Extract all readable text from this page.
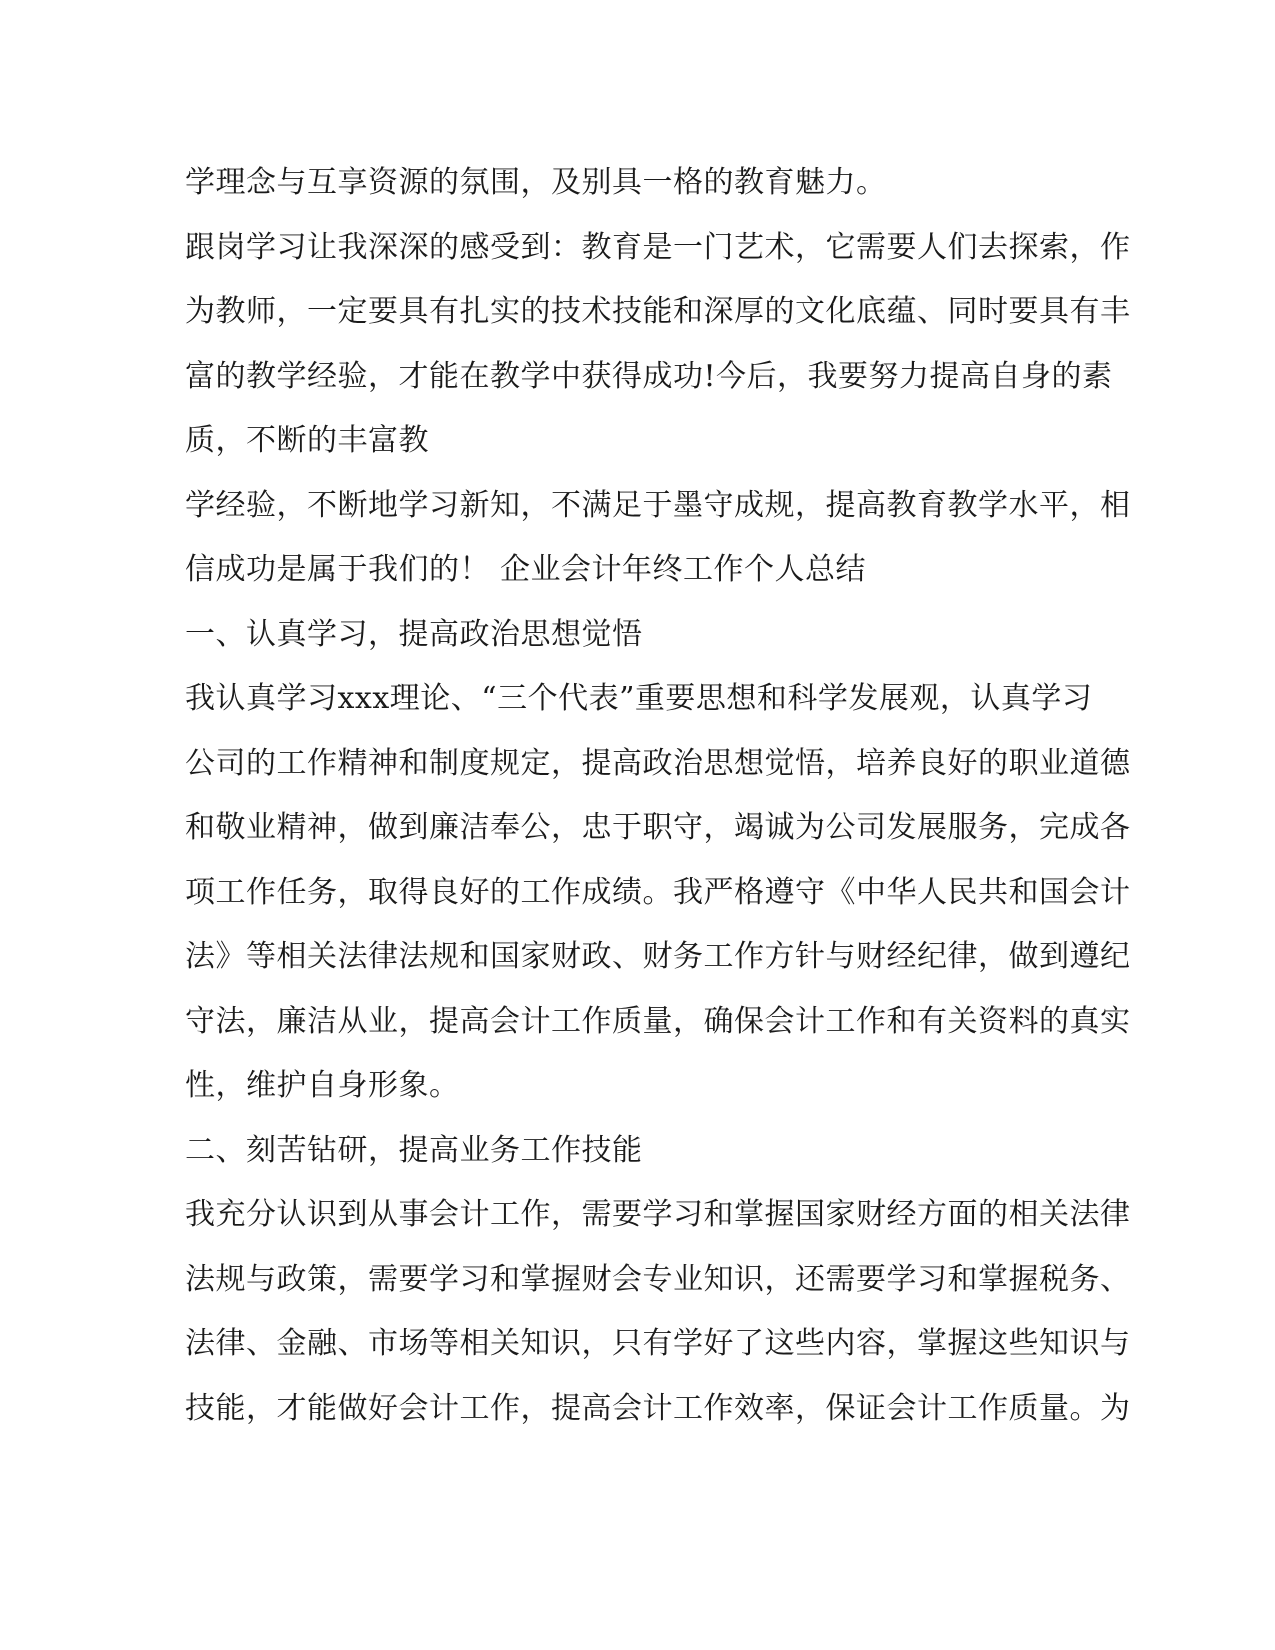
学理念与互享资源的氛围，及别具一格的教育魅力。
跟岗学习让我深深的感受到：教育是一门艺术，它需要人们去探索，作
为教师，一定要具有扎实的技术技能和深厚的文化底蕴、同时要具有丰
富的教学经验，才能在教学中获得成功!今后，我要努力提高自身的素
质，不断的丰富教
学经验，不断地学习新知，不满足于墨守成规，提高教育教学水平，相
信成功是属于我们的！ 企业会计年终工作个人总结
一、认真学习，提高政治思想觉悟
我认真学习xxx理论、“三个代表”重要思想和科学发展观，认真学习
公司的工作精神和制度规定，提高政治思想觉悟，培养良好的职业道德
和敬业精神，做到廉洁奉公，忠于职守，竭诚为公司发展服务，完成各
项工作任务，取得良好的工作成绩。我严格遵守《中华人民共和国会计
法》等相关法律法规和国家财政、财务工作方针与财经纪律，做到遵纪
守法，廉洁从业，提高会计工作质量，确保会计工作和有关资料的真实
性，维护自身形象。
二、刻苦钻研，提高业务工作技能
我充分认识到从事会计工作，需要学习和掌握国家财经方面的相关法律
法规与政策，需要学习和掌握财会专业知识，还需要学习和掌握税务、
法律、金融、市场等相关知识，只有学好了这些内容，掌握这些知识与
技能，才能做好会计工作，提高会计工作效率，保证会计工作质量。为
